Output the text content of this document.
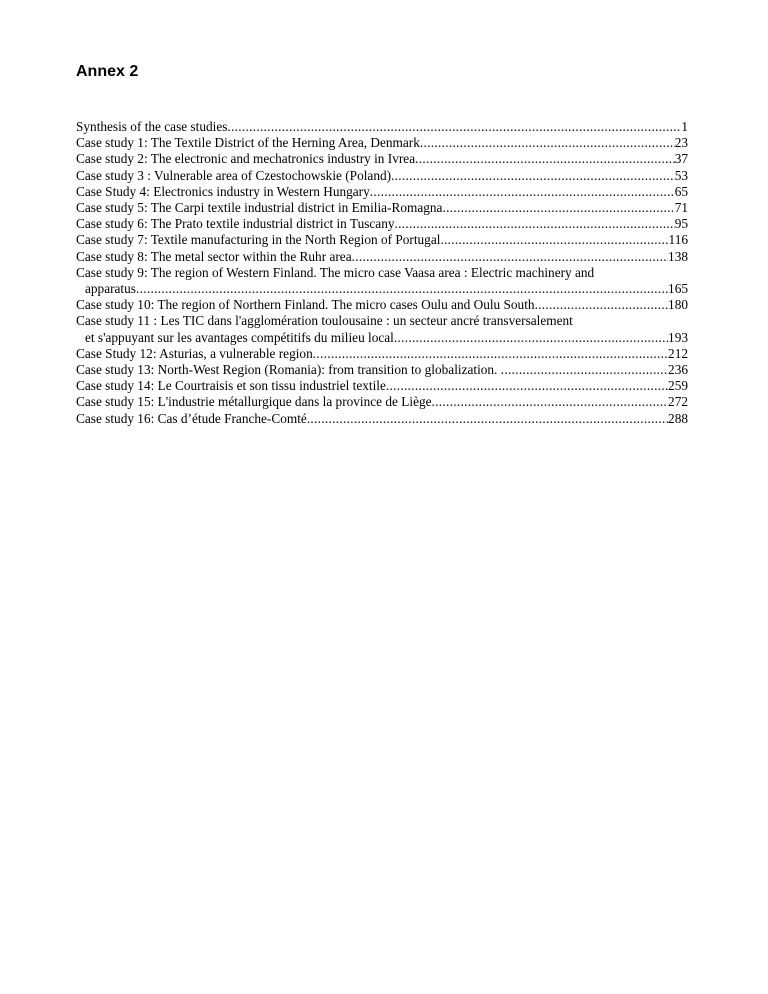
Annex 2
Synthesis of the case studies .....	1
Case study 1: The Textile District of the Herning Area, Denmark .....	23
Case study 2: The electronic and mechatronics industry in Ivrea .....	37
Case study 3 : Vulnerable area of Czestochowskie (Poland) .....	53
Case Study 4: Electronics industry in Western Hungary .....	65
Case study 5: The Carpi textile industrial district in Emilia-Romagna .....	71
Case study 6: The Prato textile industrial district in Tuscany .....	95
Case study 7: Textile manufacturing in the North Region of Portugal .....	116
Case study 8: The metal sector within the Ruhr area .....	138
Case study 9: The region of Western Finland. The micro case Vaasa area : Electric machinery and
apparatus .....	165
Case study 10: The region of Northern Finland. The micro cases Oulu and Oulu South .....	180
Case study 11 : Les TIC dans l'agglomération toulousaine : un secteur ancré transversalement
et s'appuyant sur les avantages compétitifs du milieu local .....	193
Case Study 12: Asturias, a vulnerable region .....	212
Case study 13: North-West Region (Romania): from transition to globalization. .....	236
Case study 14: Le Courtraisis et son tissu industriel textile .....	259
Case study 15: L'industrie métallurgique dans la province de Liège .....	272
Case study 16: Cas d’étude Franche-Comté .....	288
